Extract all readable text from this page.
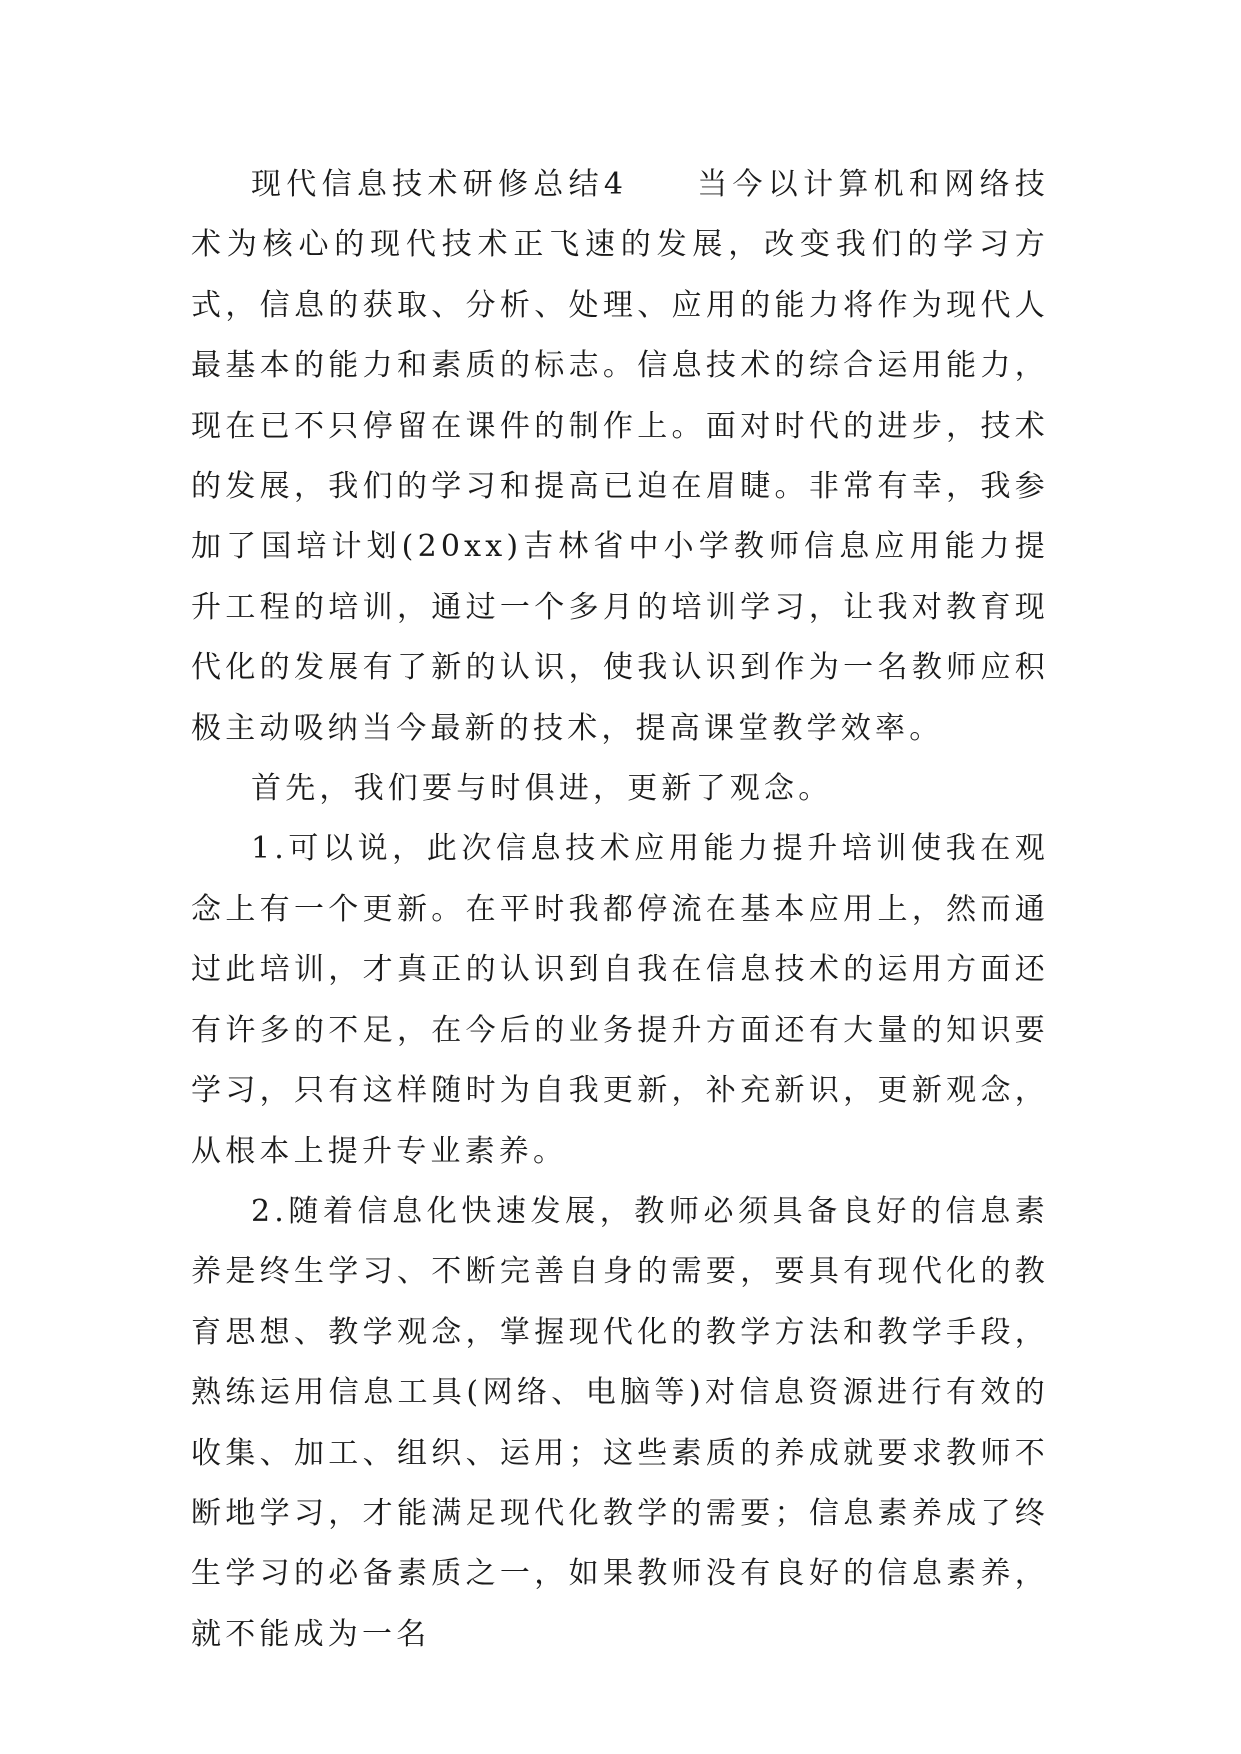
现代信息技术研修总结4 当今以计算机和网络技术为核心的现代技术正飞速的发展，改变我们的学习方式，信息的获取、分析、处理、应用的能力将作为现代人最基本的能力和素质的标志。信息技术的综合运用能力，现在已不只停留在课件的制作上。面对时代的进步，技术的发展，我们的学习和提高已迫在眉睫。非常有幸，我参加了国培计划(20xx)吉林省中小学教师信息应用能力提升工程的培训，通过一个多月的培训学习，让我对教育现代化的发展有了新的认识，使我认识到作为一名教师应积极主动吸纳当今最新的技术，提高课堂教学效率。

首先，我们要与时俱进，更新了观念。

1.可以说，此次信息技术应用能力提升培训使我在观念上有一个更新。在平时我都停流在基本应用上，然而通过此培训，才真正的认识到自我在信息技术的运用方面还有许多的不足，在今后的业务提升方面还有大量的知识要学习，只有这样随时为自我更新，补充新识，更新观念，从根本上提升专业素养。

2.随着信息化快速发展，教师必须具备良好的信息素养是终生学习、不断完善自身的需要，要具有现代化的教育思想、教学观念，掌握现代化的教学方法和教学手段，熟练运用信息工具(网络、电脑等)对信息资源进行有效的收集、加工、组织、运用；这些素质的养成就要求教师不断地学习，才能满足现代化教学的需要；信息素养成了终生学习的必备素质之一，如果教师没有良好的信息素养，就不能成为一名
